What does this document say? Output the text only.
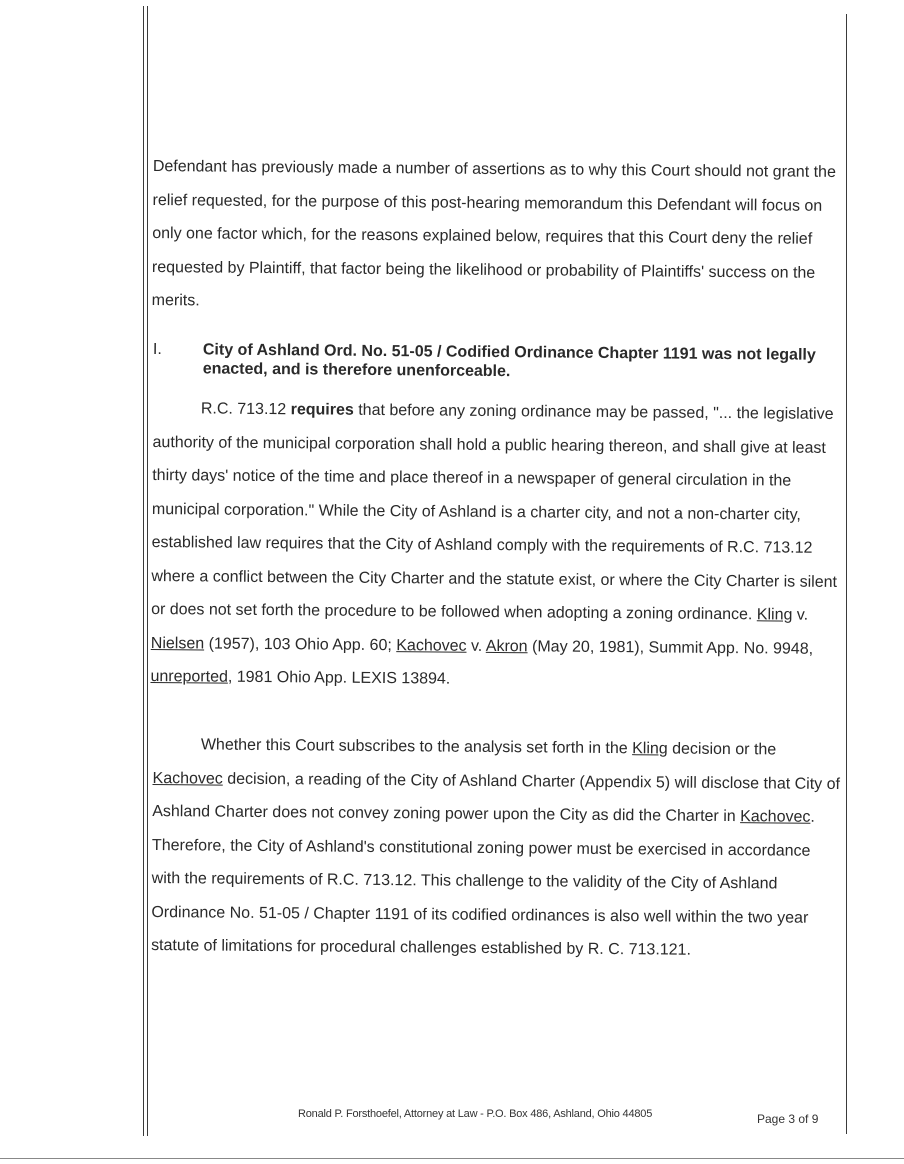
Defendant has previously made a number of assertions as to why this Court should not grant the relief requested, for the purpose of this post-hearing memorandum this Defendant will focus on only one factor which, for the reasons explained below, requires that this Court deny the relief requested by Plaintiff, that factor being the likelihood or probability of Plaintiffs' success on the merits.
I.	City of Ashland Ord. No. 51-05 / Codified Ordinance Chapter 1191 was not legally enacted, and is therefore unenforceable.
R.C. 713.12 requires that before any zoning ordinance may be passed, "... the legislative authority of the municipal corporation shall hold a public hearing thereon, and shall give at least thirty days' notice of the time and place thereof in a newspaper of general circulation in the municipal corporation." While the City of Ashland is a charter city, and not a non-charter city, established law requires that the City of Ashland comply with the requirements of R.C. 713.12 where a conflict between the City Charter and the statute exist, or where the City Charter is silent or does not set forth the procedure to be followed when adopting a zoning ordinance. Kling v. Nielsen (1957), 103 Ohio App. 60; Kachovec v. Akron (May 20, 1981), Summit App. No. 9948, unreported, 1981 Ohio App. LEXIS 13894.
Whether this Court subscribes to the analysis set forth in the Kling decision or the Kachovec decision, a reading of the City of Ashland Charter (Appendix 5) will disclose that City of Ashland Charter does not convey zoning power upon the City as did the Charter in Kachovec. Therefore, the City of Ashland's constitutional zoning power must be exercised in accordance with the requirements of R.C. 713.12. This challenge to the validity of the City of Ashland Ordinance No. 51-05 / Chapter 1191 of its codified ordinances is also well within the two year statute of limitations for procedural challenges established by R. C. 713.121.
Ronald P. Forsthoefel, Attorney at Law - P.O. Box 486, Ashland, Ohio 44805	Page 3 of 9
